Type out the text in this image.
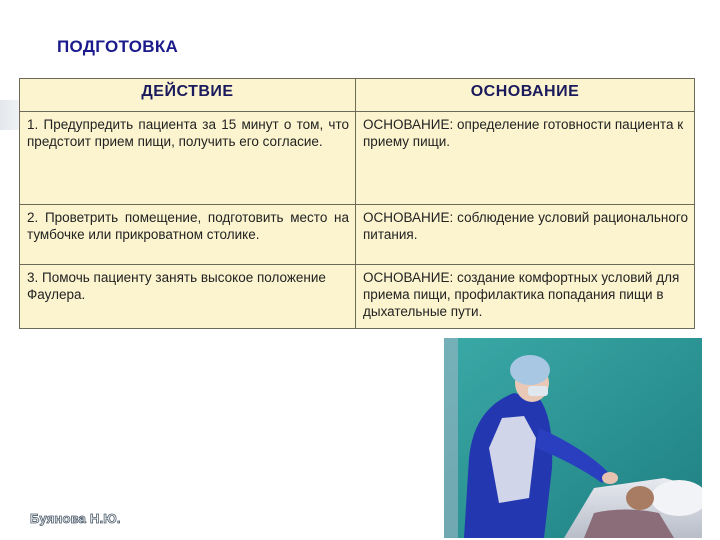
ПОДГОТОВКА
ДЕЙСТВИЕ	ОСНОВАНИЕ
1. Предупредить пациента за 15 минут о том, что предстоит прием пищи, получить его согласие.	ОСНОВАНИЕ: определение готовности пациента к приему пищи.
2. Проветрить помещение, подготовить место на тумбочке или прикроватном столике.	ОСНОВАНИЕ: соблюдение условий рационального питания.
3. Помочь пациенту занять высокое положение Фаулера.	ОСНОВАНИЕ: создание комфортных условий для приема пищи, профилактика попадания пищи в дыхательные пути.
Буянова Н.Ю.
